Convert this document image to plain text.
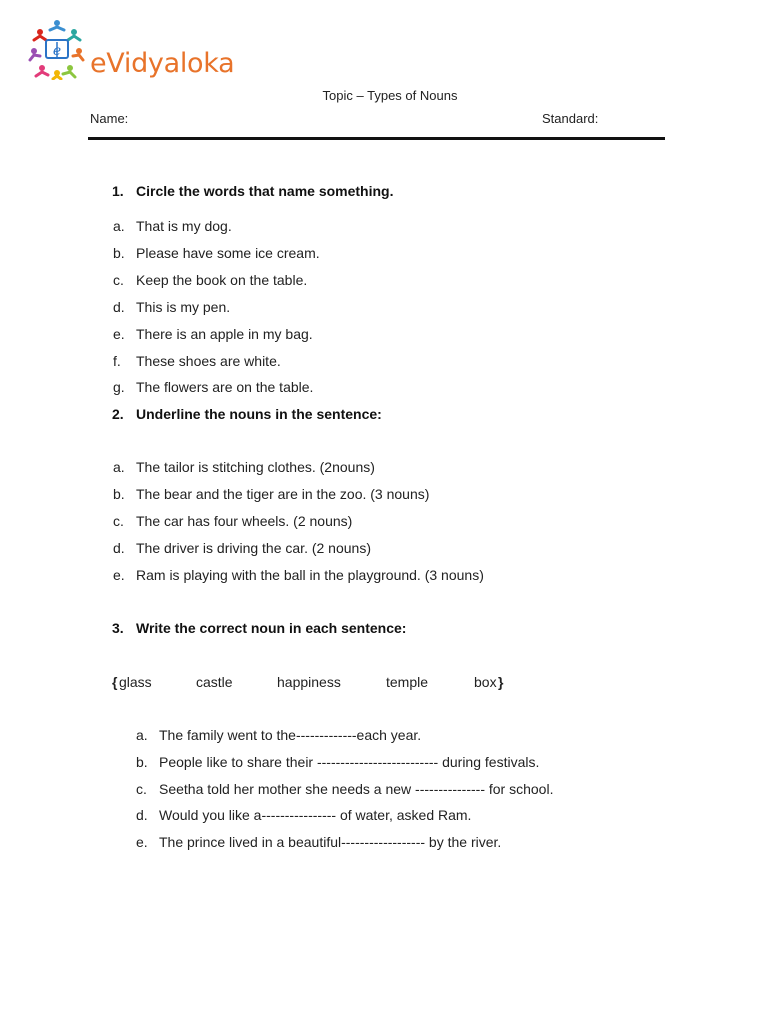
e eVidyaloka
Topic – Types of Nouns
Name:	Standard:
1. Circle the words that name something.
a. That is my dog.
b. Please have some ice cream.
c. Keep the book on the table.
d. This is my pen.
e. There is an apple in my bag.
f. These shoes are white.
g. The flowers are on the table.
2. Underline the nouns in the sentence:
a. The tailor is stitching clothes. (2nouns)
b. The bear and the tiger are in the zoo. (3 nouns)
c. The car has four wheels. (2 nouns)
d. The driver is driving the car. (2 nouns)
e. Ram is playing with the ball in the playground. (3 nouns)
3. Write the correct noun in each sentence:
{ glass	castle	happiness	temple	box }
a. The family went to the-------------each year.
b. People like to share their -------------------------- during festivals.
c. Seetha told her mother she needs a new --------------- for school.
d. Would you like a---------------- of water, asked Ram.
e. The prince lived in a beautiful------------------ by the river.
